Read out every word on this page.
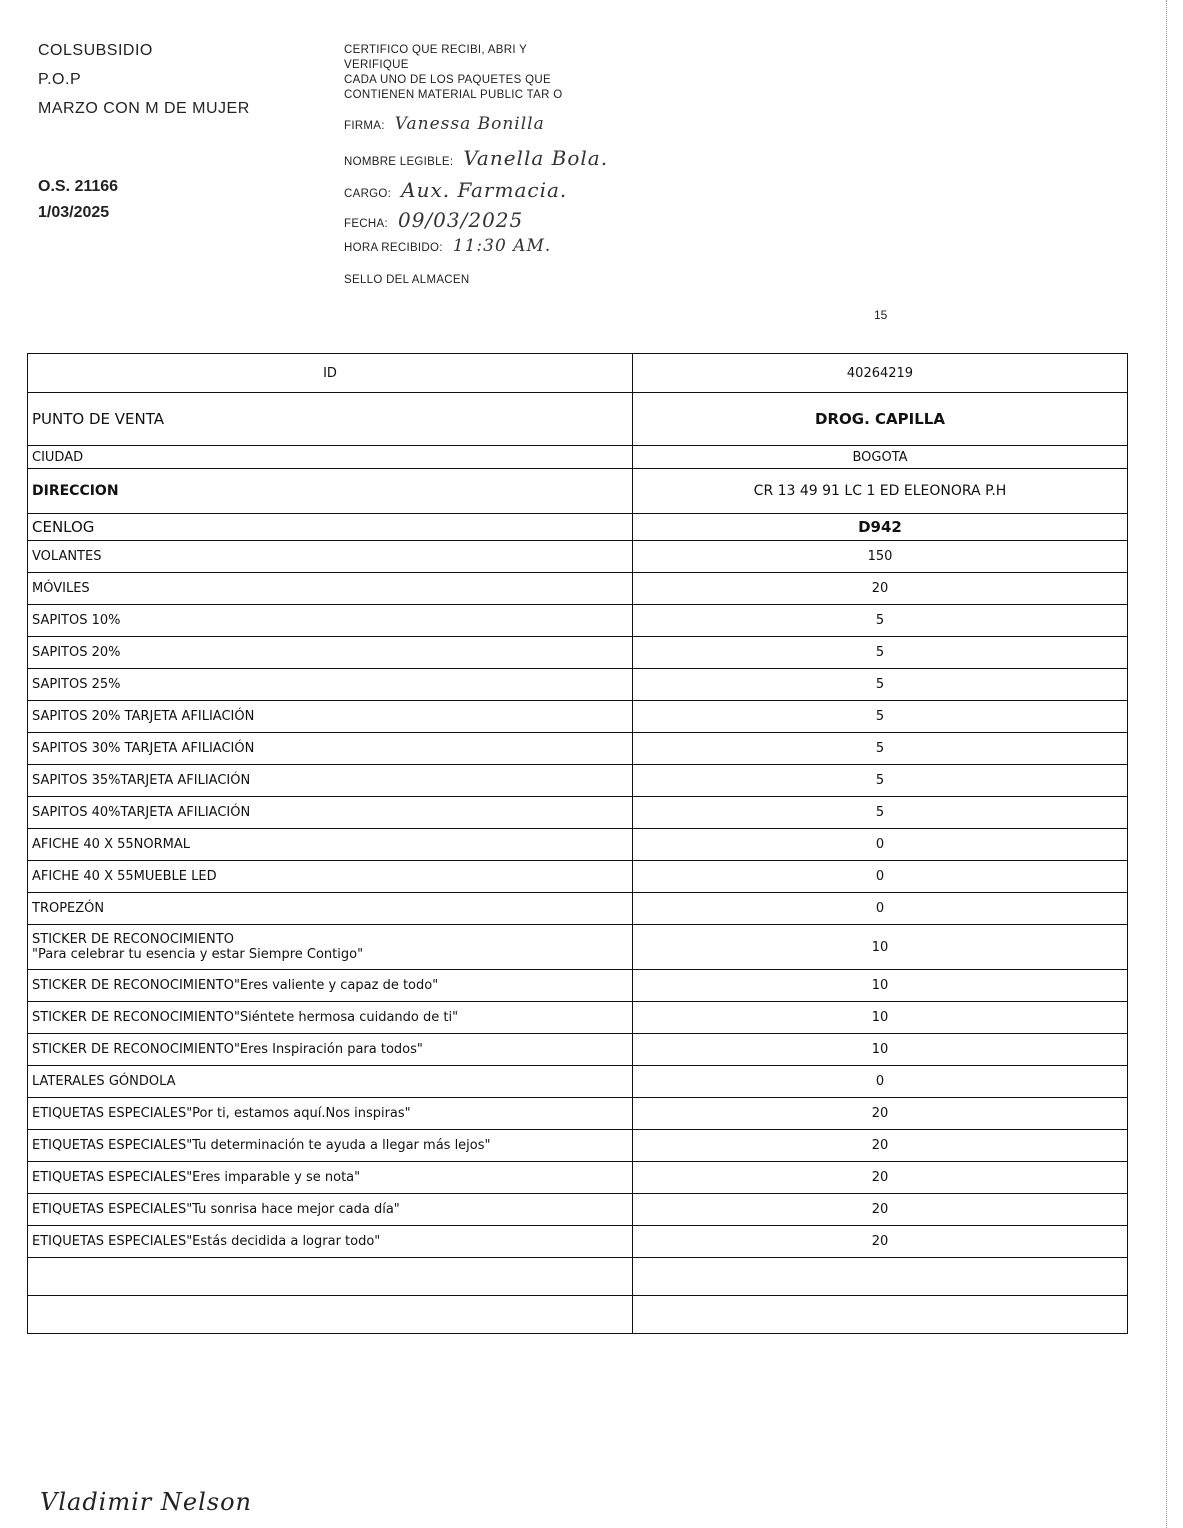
COLSUBSIDIO
P.O.P
MARZO CON M DE MUJER
O.S. 21166
1/03/2025
CERTIFICO QUE RECIBI, ABRI Y
VERIFIQUE
CADA UNO DE LOS PAQUETES QUE
CONTIENEN MATERIAL PUBLIC TAR O
FIRMA: Vanessa Bonilla
NOMBRE LEGIBLE: Vanella Bola.
CARGO: Aux. Farmacia.
FECHA: 09/03/2025
HORA RECIBIDO: 11:30 AM.
SELLO DEL ALMACEN
15
ID	40264219
PUNTO DE VENTA	DROG. CAPILLA
CIUDAD	BOGOTA
DIRECCION	CR 13 49 91 LC 1 ED ELEONORA P.H
CENLOG	D942

VOLANTES	150

MÓVILES	20

SAPITOS 10%	5

SAPITOS 20%	5

SAPITOS 25%	5

SAPITOS 20% TARJETA AFILIACIÓN	5

SAPITOS 30% TARJETA AFILIACIÓN	5

SAPITOS 35%TARJETA AFILIACIÓN	5

SAPITOS 40%TARJETA AFILIACIÓN	5

AFICHE 40 X 55NORMAL	0

AFICHE 40 X 55MUEBLE LED	0

TROPEZÓN	0

STICKER DE RECONOCIMIENTO
"Para celebrar tu esencia y estar Siempre Contigo"	10

STICKER DE RECONOCIMIENTO"Eres valiente y capaz de todo"	10

STICKER DE RECONOCIMIENTO"Siéntete hermosa cuidando de ti"	10

STICKER DE RECONOCIMIENTO"Eres Inspiración para todos"	10

LATERALES GÓNDOLA	0

ETIQUETAS ESPECIALES"Por ti, estamos aquí.Nos inspiras"	20

ETIQUETAS ESPECIALES"Tu determinación te ayuda a llegar más lejos"	20

ETIQUETAS ESPECIALES"Eres imparable y se nota"	20

ETIQUETAS ESPECIALES"Tu sonrisa hace mejor cada día"	20

ETIQUETAS ESPECIALES"Estás decidida a lograr todo"	20

Vladimir Nelson
